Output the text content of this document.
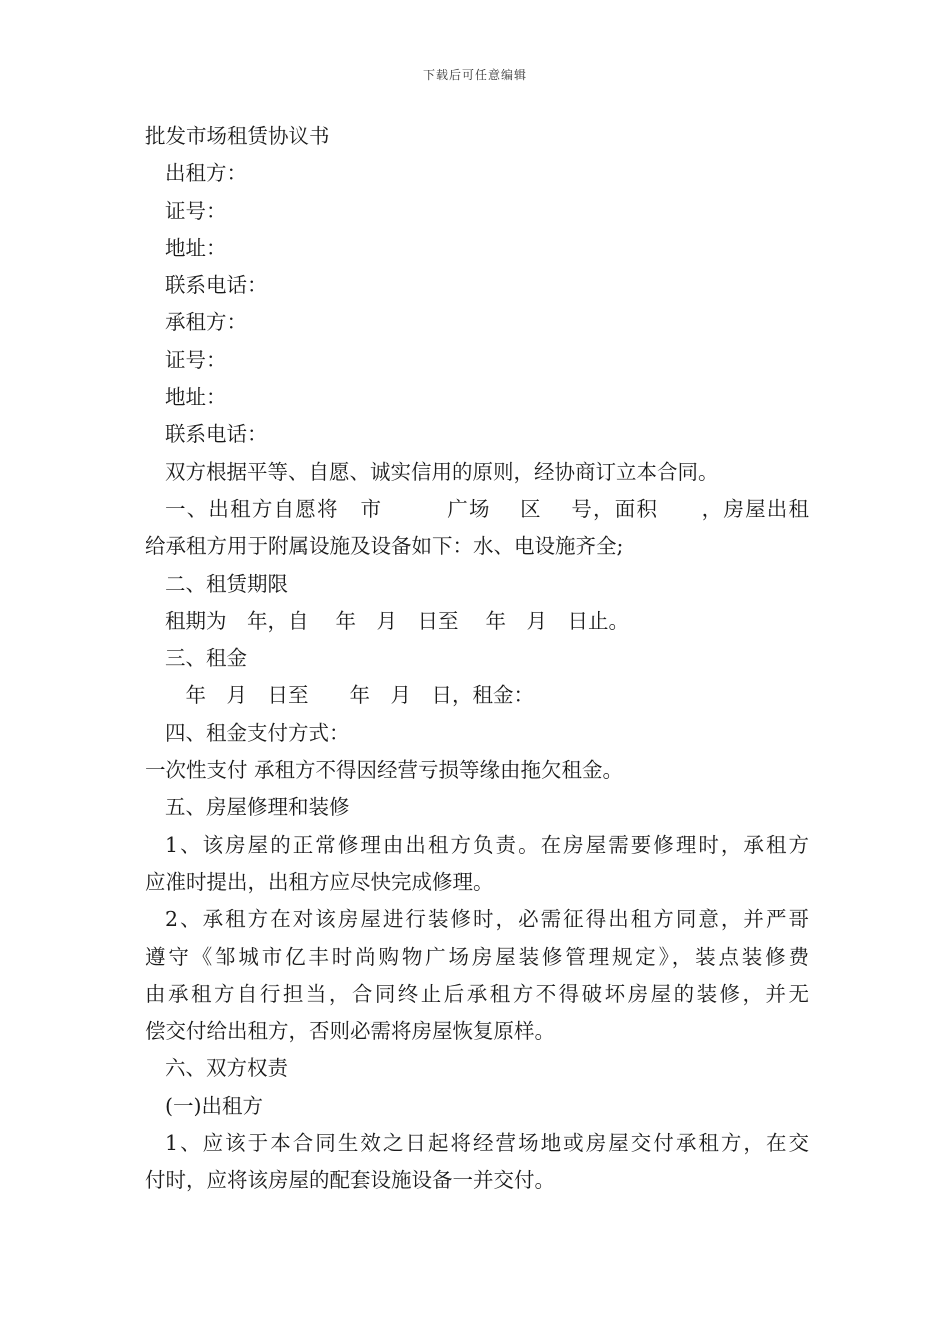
下载后可任意编辑
批发市场租赁协议书
出租方：
证号：
地址：
联系电话：
承租方：
证号：
地址：
联系电话：
双方根据平等、自愿、诚实信用的原则，经协商订立本合同。
一、出租方自愿将　市　　　广场　 区　 号，面积　　，房屋出租
给承租方用于附属设施及设备如下：水、电设施齐全;
二、租赁期限
租期为　年，自　 年　月　日至　 年　月　日止。
三、租金
　年　月　日至　　年　月　日，租金：
四、租金支付方式：
一次性支付 承租方不得因经营亏损等缘由拖欠租金。
五、房屋修理和装修
1、该房屋的正常修理由出租方负责。在房屋需要修理时，承租方
应准时提出，出租方应尽快完成修理。
2、承租方在对该房屋进行装修时，必需征得出租方同意，并严哥
遵守《邹城市亿丰时尚购物广场房屋装修管理规定》，装点装修费
由承租方自行担当，合同终止后承租方不得破坏房屋的装修，并无
偿交付给出租方，否则必需将房屋恢复原样。
六、双方权责
(一)出租方
1、应该于本合同生效之日起将经营场地或房屋交付承租方，在交
付时，应将该房屋的配套设施设备一并交付。
